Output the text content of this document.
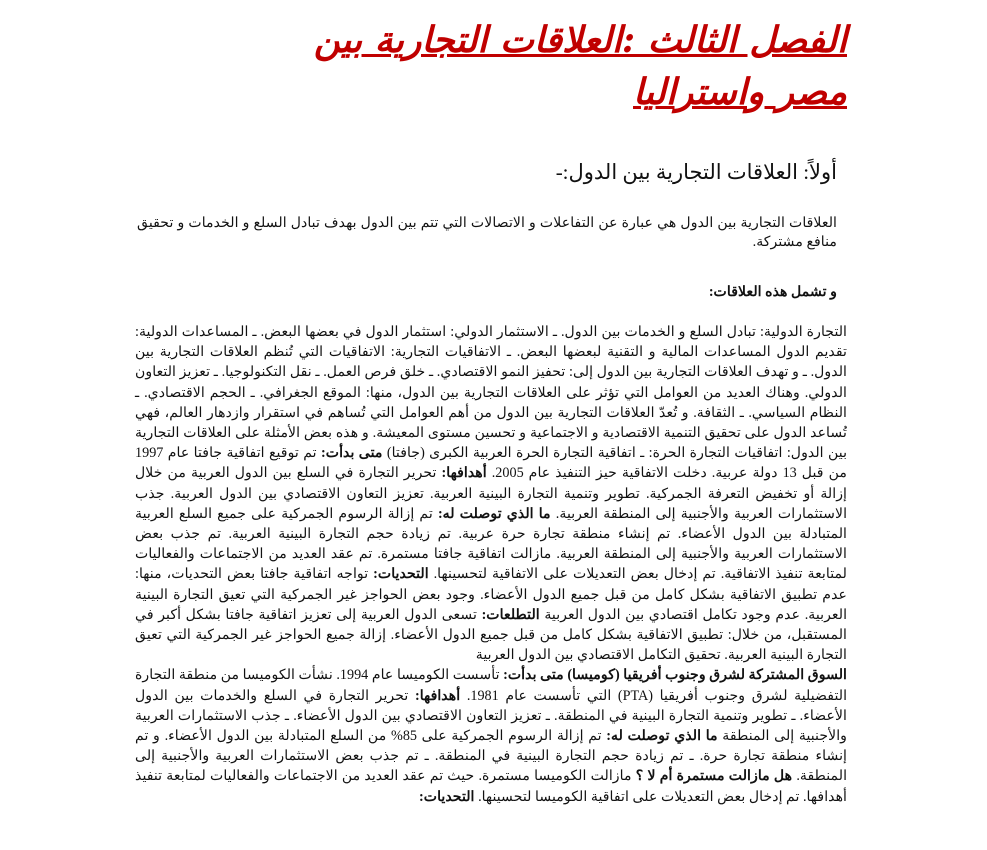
الفصل الثالث :العلاقات التجارية بين مصر واستراليا
أولاً: العلاقات التجارية بين الدول:-

العلاقات التجارية بين الدول هي عبارة عن التفاعلات و الاتصالات التي تتم بين الدول بهدف تبادل السلع و الخدمات و تحقيق منافع مشتركة.

و تشمل هذه العلاقات:

التجارة الدولية: تبادل السلع و الخدمات بين الدول. ـ الاستثمار الدولي: استثمار الدول في بعضها البعض. ـ المساعدات الدولية: تقديم الدول المساعدات المالية و التقنية لبعضها البعض. ـ الاتفاقيات التجارية: الاتفاقيات التي تُنظم العلاقات التجارية بين الدول. ـ و تهدف العلاقات التجارية بين الدول إلى: تحفيز النمو الاقتصادي. ـ خلق فرص العمل. ـ نقل التكنولوجيا. ـ تعزيز التعاون الدولي. وهناك العديد من العوامل التي تؤثر على العلاقات التجارية بين الدول، منها: الموقع الجغرافي. ـ الحجم الاقتصادي. ـ النظام السياسي. ـ الثقافة. و تُعدّ العلاقات التجارية بين الدول من أهم العوامل التي تُساهم في استقرار وازدهار العالم، فهي تُساعد الدول على تحقيق التنمية الاقتصادية و الاجتماعية و تحسين مستوى المعيشة. و هذه بعض الأمثلة على العلاقات التجارية بين الدول: اتفاقيات التجارة الحرة: ـ اتفاقية التجارة الحرة العربية الكبرى (جافتا) متى بدأت: تم توقيع اتفاقية جافتا عام 1997 من قبل 13 دولة عربية. دخلت الاتفاقية حيز التنفيذ عام 2005. أهدافها: تحرير التجارة في السلع بين الدول العربية من خلال إزالة أو تخفيض التعرفة الجمركية. تطوير وتنمية التجارة البينية العربية. تعزيز التعاون الاقتصادي بين الدول العربية. جذب الاستثمارات العربية والأجنبية إلى المنطقة العربية. ما الذي توصلت له: تم إزالة الرسوم الجمركية على جميع السلع العربية المتبادلة بين الدول الأعضاء. تم إنشاء منطقة تجارة حرة عربية. تم زيادة حجم التجارة البينية العربية. تم جذب بعض الاستثمارات العربية والأجنبية إلى المنطقة العربية. مازالت اتفاقية جافتا مستمرة. تم عقد العديد من الاجتماعات والفعاليات لمتابعة تنفيذ الاتفاقية. تم إدخال بعض التعديلات على الاتفاقية لتحسينها. التحديات: تواجه اتفاقية جافتا بعض التحديات، منها: عدم تطبيق الاتفاقية بشكل كامل من قبل جميع الدول الأعضاء. وجود بعض الحواجز غير الجمركية التي تعيق التجارة البينية العربية. عدم وجود تكامل اقتصادي بين الدول العربية التطلعات: تسعى الدول العربية إلى تعزيز اتفاقية جافتا بشكل أكبر في المستقبل، من خلال: تطبيق الاتفاقية بشكل كامل من قبل جميع الدول الأعضاء. إزالة جميع الحواجز غير الجمركية التي تعيق التجارة البينية العربية. تحقيق التكامل الاقتصادي بين الدول العربية

السوق المشتركة لشرق وجنوب أفريقيا (كوميسا) متى بدأت: تأسست الكوميسا عام 1994. نشأت الكوميسا من منطقة التجارة التفضيلية لشرق وجنوب أفريقيا (PTA) التي تأسست عام 1981. أهدافها: تحرير التجارة في السلع والخدمات بين الدول الأعضاء. ـ تطوير وتنمية التجارة البينية في المنطقة. ـ تعزيز التعاون الاقتصادي بين الدول الأعضاء. ـ جذب الاستثمارات العربية والأجنبية إلى المنطقة ما الذي توصلت له: تم إزالة الرسوم الجمركية على 85% من السلع المتبادلة بين الدول الأعضاء. و تم إنشاء منطقة تجارة حرة. ـ تم زيادة حجم التجارة البينية في المنطقة. ـ تم جذب بعض الاستثمارات العربية والأجنبية إلى المنطقة. هل مازالت مستمرة أم لا ؟ مازالت الكوميسا مستمرة. حيث تم عقد العديد من الاجتماعات والفعاليات لمتابعة تنفيذ أهدافها. تم إدخال بعض التعديلات على اتفاقية الكوميسا لتحسينها. التحديات:
